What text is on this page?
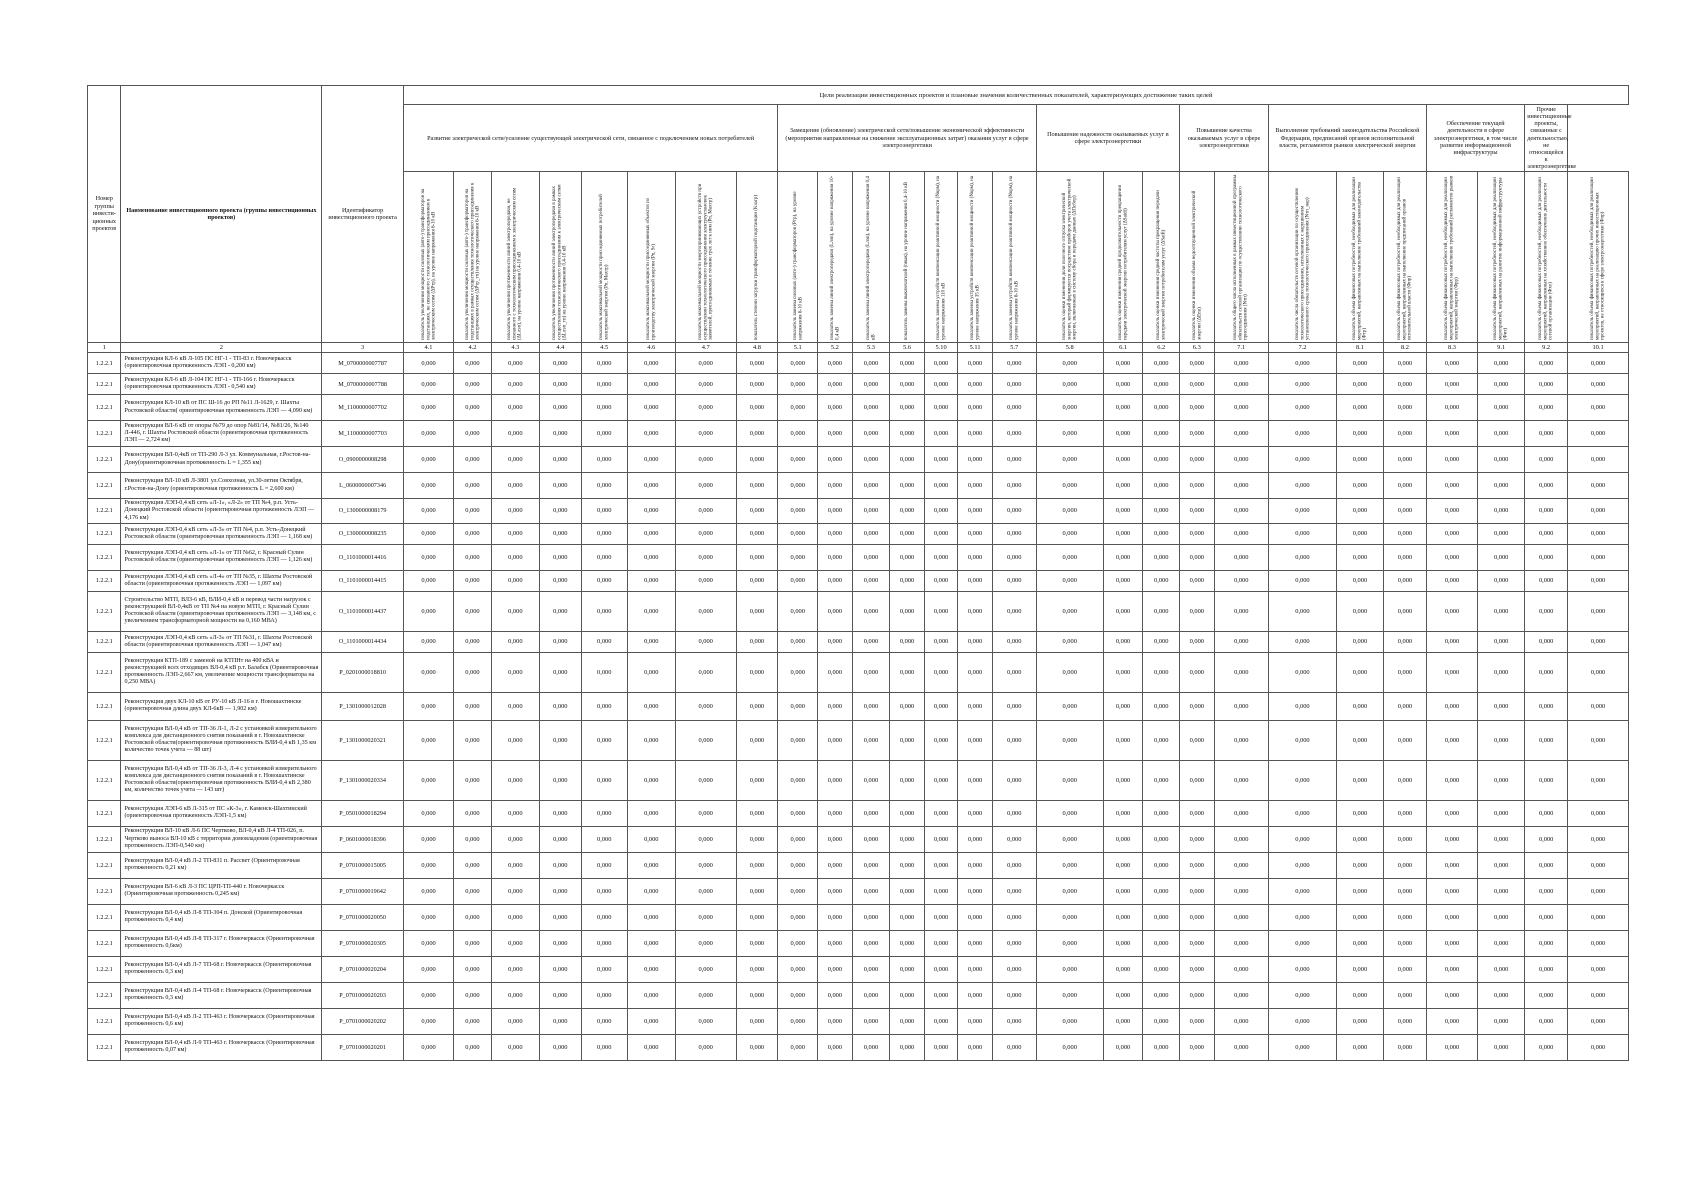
Номер группы инвести-ционных проектов	Наименование инвестиционного проекта (группы инвестиционных проектов)	Идентификатор инвестиционного проекта	Цели реализации инвестиционных проектов и плановые значения количественных показателей, характеризующих достижение таких целей																										
			Развитие электрической сети/усиление существующей электрической сети, связанное с подключением новых потребителей								Замещение (обновление) электрической сети/повышение экономической эффективности (мероприятия направленные на снижение эксплуатационных затрат) оказания услуг в сфере электроэнергетики							Повышение надежности оказываемых услуг в сфере электроэнергетики			Повышение качества оказываемых услуг в сфере электроэнергетики		Выполнение требований законодательства Российской Федерации, предписаний органов исполнительной власти, регламентов рынков электрической энергии			Обеспечение текущей деятельности в сфере электроэнергетики, в том числе развитие информационной инфраструктуры		Прочие инвестиционные проекты, связанные с деятельностью, не относящейся к электроэнергетике	

			показатель увеличения мощности силовых (авто-) трансформаторов на подстанциях, не связанного с технологическим присоединением к электрическим сетям (ΔPтр), на уровне напряжения 6-10 кВ	показатель увеличения мощности силовых (авто-) трансформаторов на подстанциях в рамках осуществления технологического присоединения к электрическим сетям (ΔPтр_тп) на уровне напряжения 6-10 кВ	показатель увеличения протяженности линий электропередачи, не связанного с технологическим присоединением к электрическим сетям (ΔLлэп), на уровне напряжения 0,4-10 кВ	показатель увеличения протяженности линий электропередачи в рамках осуществления технологического присоединения к электрическим сетям (ΔLлэп_тп) на уровне напряжения 0,4-10 кВ	показатель максимальной мощности присоединяемых потребителей электрической энергии (Pn, Maxтp)	показатель максимальной мощности присоединяемых объектов по производству электрической энергии (Pn, Sr)	показатель максимальной мощности энергопринимающих устройств при осуществлении технологического присоединения электроустановок заявителей, присоединяемых в течение трех лет к ним (Pn, Maxтp)	показатель степени загрузки трансформаторной подстанции (Kзагр)	показатель замены силовых (авто-) трансформаторов (Pтр), на уровне напряжения 6-10 кВ	показатель замены линий электропередачи (Lлэп), на уровне напряжения 10-0,4 кВ	показатель замены линий электропередачи (Lлэп), на уровне напряжения 0,4 кВ	показатель замены выключателей (nвык), на уровне напряжения 0,4-10 кВ	показатель замены устройств компенсации реактивной мощности (Nкрм), на уровне напряжения 110 кВ	показатель замены устройств компенсации реактивной мощности (Nкрм), на уровне напряжения 35 кВ	показатель замены устройств компенсации реактивной мощности (Nкрм), на уровне напряжения 6-10 кВ	показатель оценки изменения доли полезного отпуска электрической энергии, который формируется посредством приборов учета электрической энергии, включенных в систему сбора и передачи данных (ΔПсбор)	показатель оценки изменения средней продолжительности прекращения передачи электрической энергии потребителям услуг (ΔSaidi)	показатель оценки изменения средней частоты прекращения передачи электрической энергии потребителям услуг (ΔSaifi)	показатель оценки изменения объема недоотпущенной электрической энергии (ΔEnu)	показатель общего числа исполненных в рамках инвестиционной программы обязательств сетевой организации по осуществлению технологического присоединения (Nтп)	показатель числа обязательств сетевой организации по осуществлению технологического присоединения, исполненных с нарушением установленного срока технологического присоединения (Nтп_нар)	показатель объема финансовых потребностей, необходимых для реализации мероприятий, направленных на выполнение требований законодательства (Фтр)	показатель объема финансовых потребностей, необходимых для реализации мероприятий, направленных на выполнение предписаний органов исполнительной власти (Фпр)	показатель объема финансовых потребностей, необходимых для реализации мероприятий, направленных на выполнение требований регламентов рынков электрической энергии (Фрр)	показатель объема финансовых потребностей, необходимых для реализации мероприятий, направленных на развитие информационной инфраструктуры (Фит)	показатель объема финансовых потребностей, необходимых для реализации мероприятий, направленных на хозяйственное обеспечение деятельности сетевой организации (Фхо)	показатель объема финансовых потребностей, необходимых для реализации мероприятий, направленных на реализацию прочих инвестиционных проектов, не относящихся к сфере электроэнергетики (Фпр)

1	2	3	4.1	4.2	4.3	4.4	4.5	4.6	4.7	4.8	5.1	5.2	5.3	5.6	5.10	5.11	5.7	5.8	6.1	6.2	6.3	7.1	7.2	8.1	8.2	8.3	9.1	9.2	10.1
1.2.2.1	Реконструкция КЛ-6 кВ Л-105 ПС НГ-1 - ТП-83 г. Новочеркасск (ориентировочная протяженность ЛЭП - 0,200 км)	M_0700000007787	0,000	0,000	0,000	0,000	0,000	0,000	0,000	0,000	0,000	0,000	0,000	0,000	0,000	0,000	0,000	0,000	0,000	0,000	0,000	0,000	0,000	0,000	0,000	0,000	0,000	0,000	0,000
1.2.2.1	Реконструкция КЛ-6 кВ Л-104 ПС НГ-1 - ТП-166 г. Новочеркасск (ориентировочная протяженность ЛЭП - 0,540 км)	M_0700000007788	0,000	0,000	0,000	0,000	0,000	0,000	0,000	0,000	0,000	0,000	0,000	0,000	0,000	0,000	0,000	0,000	0,000	0,000	0,000	0,000	0,000	0,000	0,000	0,000	0,000	0,000	0,000
1.2.2.1	Реконструкция КЛ-10 кВ от ПС Ш-16 до РП №11 Л-1629, г. Шахты Ростовской области( ориентировочная протяженность ЛЭП — 4,090 км)	M_1100000007702	0,000	0,000	0,000	0,000	0,000	0,000	0,000	0,000	0,000	0,000	0,000	0,000	0,000	0,000	0,000	0,000	0,000	0,000	0,000	0,000	0,000	0,000	0,000	0,000	0,000	0,000	0,000
1.2.2.1	Реконструкция ВЛ-6 кВ от опоры №79 до опор №81/14, №81/26, №140 Л-446, г. Шахты Ростовской области (ориентировочная протяженность ЛЭП — 2,724 км)	M_1100000007703	0,000	0,000	0,000	0,000	0,000	0,000	0,000	0,000	0,000	0,000	0,000	0,000	0,000	0,000	0,000	0,000	0,000	0,000	0,000	0,000	0,000	0,000	0,000	0,000	0,000	0,000	0,000
1.2.2.1	Реконструкция ВЛ-0,4кВ от ТП-290 Л-3 ул. Коммунальная, г.Ростов-на-Дону(ориентировочная протяженность L = 1,355 км)	O_0900000008298	0,000	0,000	0,000	0,000	0,000	0,000	0,000	0,000	0,000	0,000	0,000	0,000	0,000	0,000	0,000	0,000	0,000	0,000	0,000	0,000	0,000	0,000	0,000	0,000	0,000	0,000	0,000
1.2.2.1	Реконструкция ВЛ-10 кВ Л-3801 ул.Совхозная, ул.30-летия Октября, г.Ростов-на-Дону (ориентировочная протяженность L = 2,600 км)	L_0600000007346	0,000	0,000	0,000	0,000	0,000	0,000	0,000	0,000	0,000	0,000	0,000	0,000	0,000	0,000	0,000	0,000	0,000	0,000	0,000	0,000	0,000	0,000	0,000	0,000	0,000	0,000	0,000
1.2.2.1	Реконструкция ЛЭП-0,4 кВ сеть «Л-1», «Л-2» от ТП №4, р.п. Усть-Донецкий Ростовской области (ориентировочная протяженность ЛЭП — 4,176 км)	O_1300000008179	0,000	0,000	0,000	0,000	0,000	0,000	0,000	0,000	0,000	0,000	0,000	0,000	0,000	0,000	0,000	0,000	0,000	0,000	0,000	0,000	0,000	0,000	0,000	0,000	0,000	0,000	0,000
1.2.2.1	Реконструкция ЛЭП-0,4 кВ сеть «Л-3» от ТП №4, р.п. Усть-Донецкий Ростовской области (ориентировочная протяженность ЛЭП — 1,168 км)	O_1300000008235	0,000	0,000	0,000	0,000	0,000	0,000	0,000	0,000	0,000	0,000	0,000	0,000	0,000	0,000	0,000	0,000	0,000	0,000	0,000	0,000	0,000	0,000	0,000	0,000	0,000	0,000	0,000
1.2.2.1	Реконструкция ЛЭП-0,4 кВ сеть «Л-1» от ТП №62, г. Красный Сулин Ростовской области (ориентировочная протяженность ЛЭП — 1,126 км)	O_1101000014416	0,000	0,000	0,000	0,000	0,000	0,000	0,000	0,000	0,000	0,000	0,000	0,000	0,000	0,000	0,000	0,000	0,000	0,000	0,000	0,000	0,000	0,000	0,000	0,000	0,000	0,000	0,000
1.2.2.1	Реконструкция ЛЭП-0,4 кВ сеть «Л-4» от ТП №35, г. Шахты Ростовской области (ориентировочная протяженность ЛЭП — 1,097 км)	O_1101000014415	0,000	0,000	0,000	0,000	0,000	0,000	0,000	0,000	0,000	0,000	0,000	0,000	0,000	0,000	0,000	0,000	0,000	0,000	0,000	0,000	0,000	0,000	0,000	0,000	0,000	0,000	0,000
1.2.2.1	Строительство МТП, ВЛЗ-6 кВ, ВЛИ-0,4 кВ и перевод части нагрузок с реконструкцией ВЛ-0,4кВ от ТП №4 на новую МТП, г. Красный Сулин Ростовской области (ориентировочная протяженность ЛЭП — 3,148 км, с увеличением трансформаторной мощности на 0,160 МВА)	O_1101000014437	0,000	0,000	0,000	0,000	0,000	0,000	0,000	0,000	0,000	0,000	0,000	0,000	0,000	0,000	0,000	0,000	0,000	0,000	0,000	0,000	0,000	0,000	0,000	0,000	0,000	0,000	0,000
1.2.2.1	Реконструкция ЛЭП-0,4 кВ сеть «Л-3» от ТП №31, г. Шахты Ростовской области (ориентировочная протяженность ЛЭП — 1,047 км)	O_1101000014434	0,000	0,000	0,000	0,000	0,000	0,000	0,000	0,000	0,000	0,000	0,000	0,000	0,000	0,000	0,000	0,000	0,000	0,000	0,000	0,000	0,000	0,000	0,000	0,000	0,000	0,000	0,000
1.2.2.1	Реконструкция КТП-189 с заменой на КТПНт на 400 кВА и реконструкцией всех отходящих ВЛ-0,4 кВ р.т. Балабск (Ориентировочная протяженность ЛЭП-2,667 км, увеличение мощности трансформатора на 0,250 МВА)	P_0201000018810	0,000	0,000	0,000	0,000	0,000	0,000	0,000	0,000	0,000	0,000	0,000	0,000	0,000	0,000	0,000	0,000	0,000	0,000	0,000	0,000	0,000	0,000	0,000	0,000	0,000	0,000	0,000
1.2.2.1	Реконструкция двух КЛ-10 кВ от РУ-10 кВ Л-16 в г. Новошахтинске (ориентировочная длина двух КЛ-6кВ — 1,902 км)	P_1301000012028	0,000	0,000	0,000	0,000	0,000	0,000	0,000	0,000	0,000	0,000	0,000	0,000	0,000	0,000	0,000	0,000	0,000	0,000	0,000	0,000	0,000	0,000	0,000	0,000	0,000	0,000	0,000
1.2.2.1	Реконструкция ВЛ-0,4 кВ от ТП-36 Л-1, Л-2 с установкой измерительного комплекса для дистанционного снятия показаний в г. Новошахтинске Ростовской области(ориентировочная протяженность ВЛИ-0,4 кВ 1,35 км количество точек учета — 88 шт)	P_1301000020321	0,000	0,000	0,000	0,000	0,000	0,000	0,000	0,000	0,000	0,000	0,000	0,000	0,000	0,000	0,000	0,000	0,000	0,000	0,000	0,000	0,000	0,000	0,000	0,000	0,000	0,000	0,000
1.2.2.1	Реконструкция ВЛ-0,4 кВ от ТП-36 Л-3, Л-4 с установкой измерительного комплекса для дистанционного снятия показаний в г. Новошахтинске Ростовской области(ориентировочная протяженность ВЛИ-0,4 кВ 2,380 км, количество точек учета — 143 шт)	P_1301000020334	0,000	0,000	0,000	0,000	0,000	0,000	0,000	0,000	0,000	0,000	0,000	0,000	0,000	0,000	0,000	0,000	0,000	0,000	0,000	0,000	0,000	0,000	0,000	0,000	0,000	0,000	0,000
1.2.2.1	Реконструкция ЛЭП-6 кВ Л-315 от ПС «К-3», г. Каменск-Шахтинский (ориентировочная протяженность ЛЭП-1,5 км)	P_0501000018294	0,000	0,000	0,000	0,000	0,000	0,000	0,000	0,000	0,000	0,000	0,000	0,000	0,000	0,000	0,000	0,000	0,000	0,000	0,000	0,000	0,000	0,000	0,000	0,000	0,000	0,000	0,000
1.2.2.1	Реконструкция ВЛ-10 кВ Л-6 ПС Чертково, ВЛ-0,4 кВ Л-4 ТП-026, п. Чертково выноса ВЛ-10 кВ с территории домовладения (ориентировочная протяженность ЛЭП-0,540 км)	P_0601000018396	0,000	0,000	0,000	0,000	0,000	0,000	0,000	0,000	0,000	0,000	0,000	0,000	0,000	0,000	0,000	0,000	0,000	0,000	0,000	0,000	0,000	0,000	0,000	0,000	0,000	0,000	0,000
1.2.2.1	Реконструкция ВЛ-0,4 кВ Л-2 ТП-831 п. Рассвет (Ориентировочная протяженность 0,21 км)	P_0701000015005	0,000	0,000	0,000	0,000	0,000	0,000	0,000	0,000	0,000	0,000	0,000	0,000	0,000	0,000	0,000	0,000	0,000	0,000	0,000	0,000	0,000	0,000	0,000	0,000	0,000	0,000	0,000
1.2.2.1	Реконструкция ВЛ-6 кВ Л-3 ПС ЦРП-ТП-440 г. Новочеркасск (Ориентировочная протяженность 0,245 км)	P_0701000019642	0,000	0,000	0,000	0,000	0,000	0,000	0,000	0,000	0,000	0,000	0,000	0,000	0,000	0,000	0,000	0,000	0,000	0,000	0,000	0,000	0,000	0,000	0,000	0,000	0,000	0,000	0,000
1.2.2.1	Реконструкция ВЛ-0,4 кВ Л-8 ТП-304 п. Донской (Ориентировочная протяженность 0,4 км)	P_0701000020050	0,000	0,000	0,000	0,000	0,000	0,000	0,000	0,000	0,000	0,000	0,000	0,000	0,000	0,000	0,000	0,000	0,000	0,000	0,000	0,000	0,000	0,000	0,000	0,000	0,000	0,000	0,000
1.2.2.1	Реконструкция ВЛ-0,4 кВ Л-8 ТП-317 г. Новочеркасск (Ориентировочная протяженность 0,6км)	P_0701000020305	0,000	0,000	0,000	0,000	0,000	0,000	0,000	0,000	0,000	0,000	0,000	0,000	0,000	0,000	0,000	0,000	0,000	0,000	0,000	0,000	0,000	0,000	0,000	0,000	0,000	0,000	0,000
1.2.2.1	Реконструкция ВЛ-0,4 кВ Л-7 ТП-68 г. Новочеркасск (Ориентировочная протяженность 0,3 км)	P_0701000020204	0,000	0,000	0,000	0,000	0,000	0,000	0,000	0,000	0,000	0,000	0,000	0,000	0,000	0,000	0,000	0,000	0,000	0,000	0,000	0,000	0,000	0,000	0,000	0,000	0,000	0,000	0,000
1.2.2.1	Реконструкция ВЛ-0,4 кВ Л-4 ТП-68 г. Новочеркасск (Ориентировочная протяженность 0,3 км)	P_0701000020203	0,000	0,000	0,000	0,000	0,000	0,000	0,000	0,000	0,000	0,000	0,000	0,000	0,000	0,000	0,000	0,000	0,000	0,000	0,000	0,000	0,000	0,000	0,000	0,000	0,000	0,000	0,000
1.2.2.1	Реконструкция ВЛ-0,4 кВ Л-2 ТП-463 г. Новочеркасск (Ориентировочная протяженность 0,6 км)	P_0701000020202	0,000	0,000	0,000	0,000	0,000	0,000	0,000	0,000	0,000	0,000	0,000	0,000	0,000	0,000	0,000	0,000	0,000	0,000	0,000	0,000	0,000	0,000	0,000	0,000	0,000	0,000	0,000
1.2.2.1	Реконструкция ВЛ-0,4 кВ Л-9 ТП-463 г. Новочеркасск (Ориентировочная протяженность 0,07 км)	P_0701000020201	0,000	0,000	0,000	0,000	0,000	0,000	0,000	0,000	0,000	0,000	0,000	0,000	0,000	0,000	0,000	0,000	0,000	0,000	0,000	0,000	0,000	0,000	0,000	0,000	0,000	0,000	0,000
